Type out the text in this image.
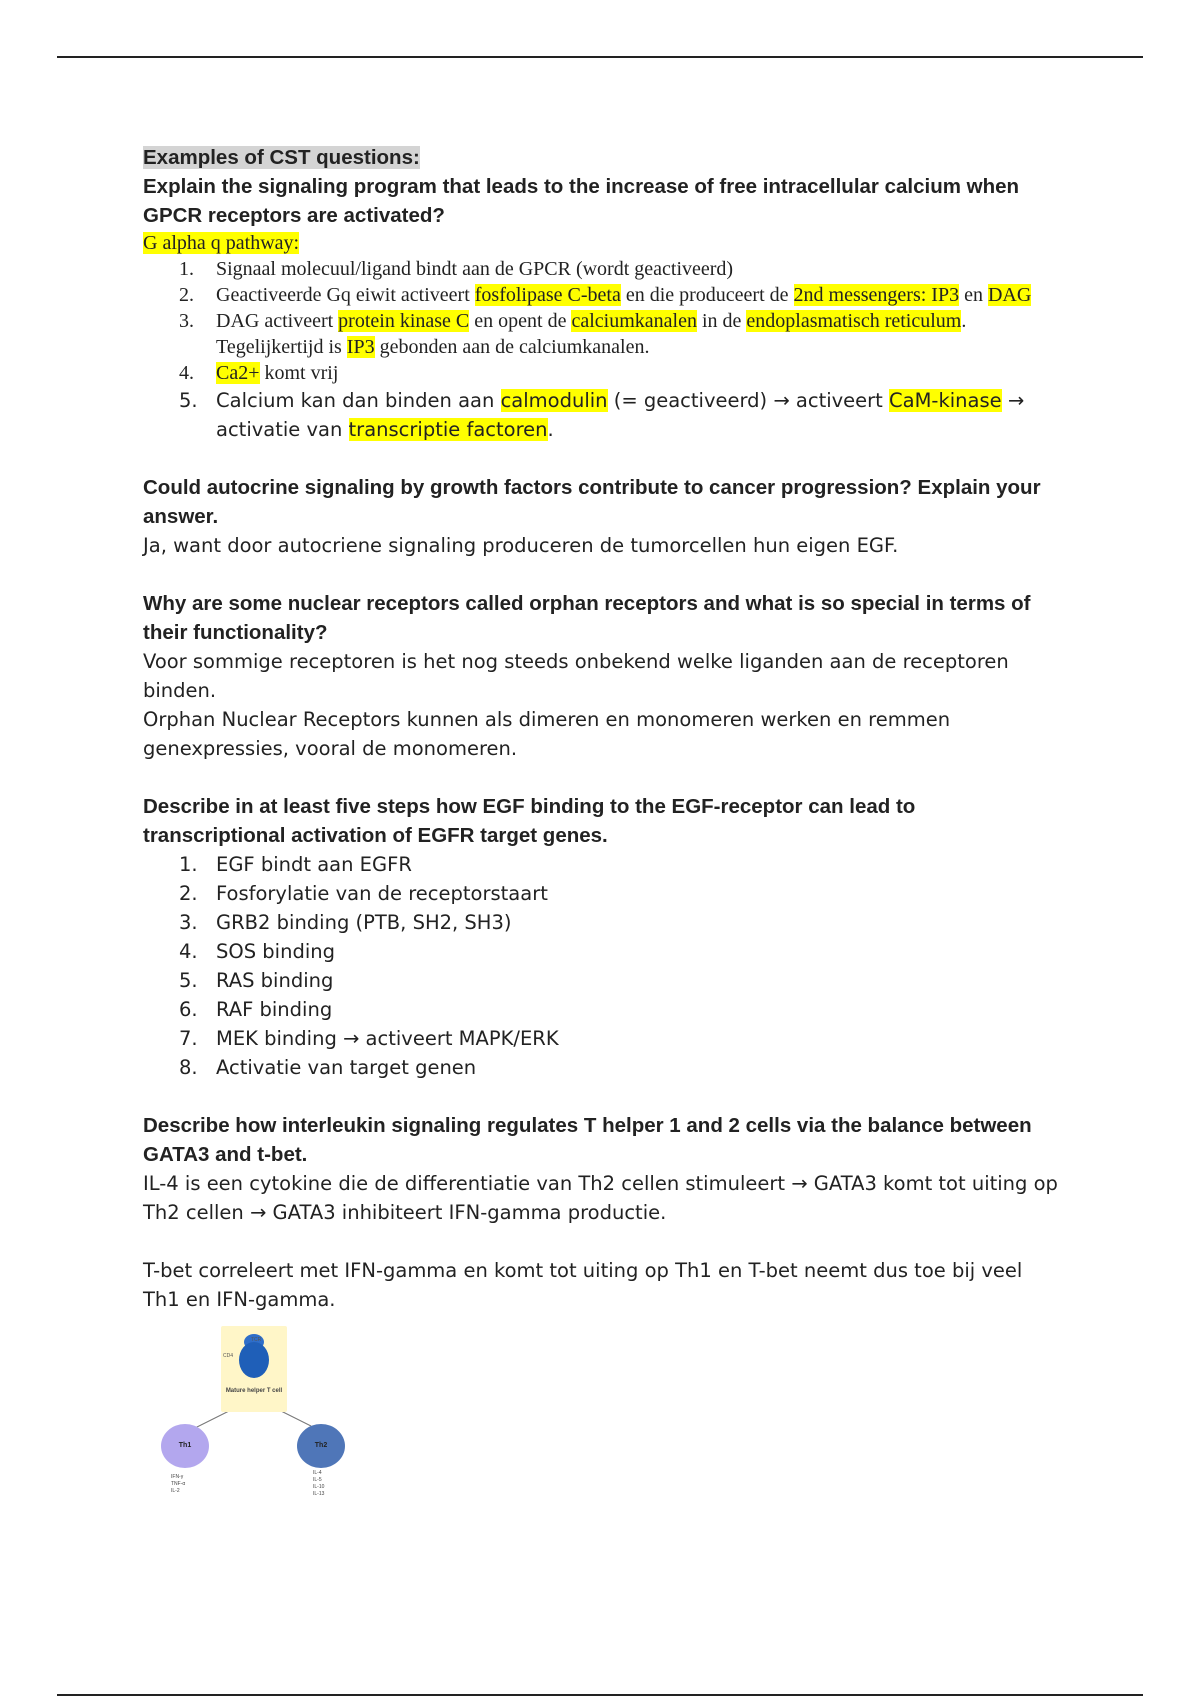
Examples of CST questions:

Explain the signaling program that leads to the increase of free intracellular calcium when GPCR receptors are activated?

G alpha q pathway:

1. Signaal molecuul/ligand bindt aan de GPCR (wordt geactiveerd)
2. Geactiveerde Gq eiwit activeert fosfolipase C-beta en die produceert de 2nd messengers: IP3 en DAG
3. DAG activeert protein kinase C en opent de calciumkanalen in de endoplasmatisch reticulum. Tegelijkertijd is IP3 gebonden aan de calciumkanalen.
4. Ca2+ komt vrij
5. Calcium kan dan binden aan calmodulin (= geactiveerd) → activeert CaM-kinase → activatie van transcriptie factoren.

Could autocrine signaling by growth factors contribute to cancer progression? Explain your answer.

Ja, want door autocriene signaling produceren de tumorcellen hun eigen EGF.

Why are some nuclear receptors called orphan receptors and what is so special in terms of their functionality?

Voor sommige receptoren is het nog steeds onbekend welke liganden aan de receptoren binden.

Orphan Nuclear Receptors kunnen als dimeren en monomeren werken en remmen genexpressies, vooral de monomeren.

Describe in at least five steps how EGF binding to the EGF-receptor can lead to transcriptional activation of EGFR target genes.

1. EGF bindt aan EGFR
2. Fosforylatie van de receptorstaart
3. GRB2 binding (PTB, SH2, SH3)
4. SOS binding
5. RAS binding
6. RAF binding
7. MEK binding → activeert MAPK/ERK
8. Activatie van target genen

Describe how interleukin signaling regulates T helper 1 and 2 cells via the balance between GATA3 and t-bet.

IL-4 is een cytokine die de differentiatie van Th2 cellen stimuleert → GATA3 komt tot uiting op Th2 cellen → GATA3 inhibiteert IFN-gamma productie.

T-bet correleert met IFN-gamma en komt tot uiting op Th1 en T-bet neemt dus toe bij veel Th1 en IFN-gamma.

CD4
TCR
Mature helper T cell
Th1	Th2
IFN-γ
TNF-α
IL-2
IL-4
IL-5
IL-10
IL-13
